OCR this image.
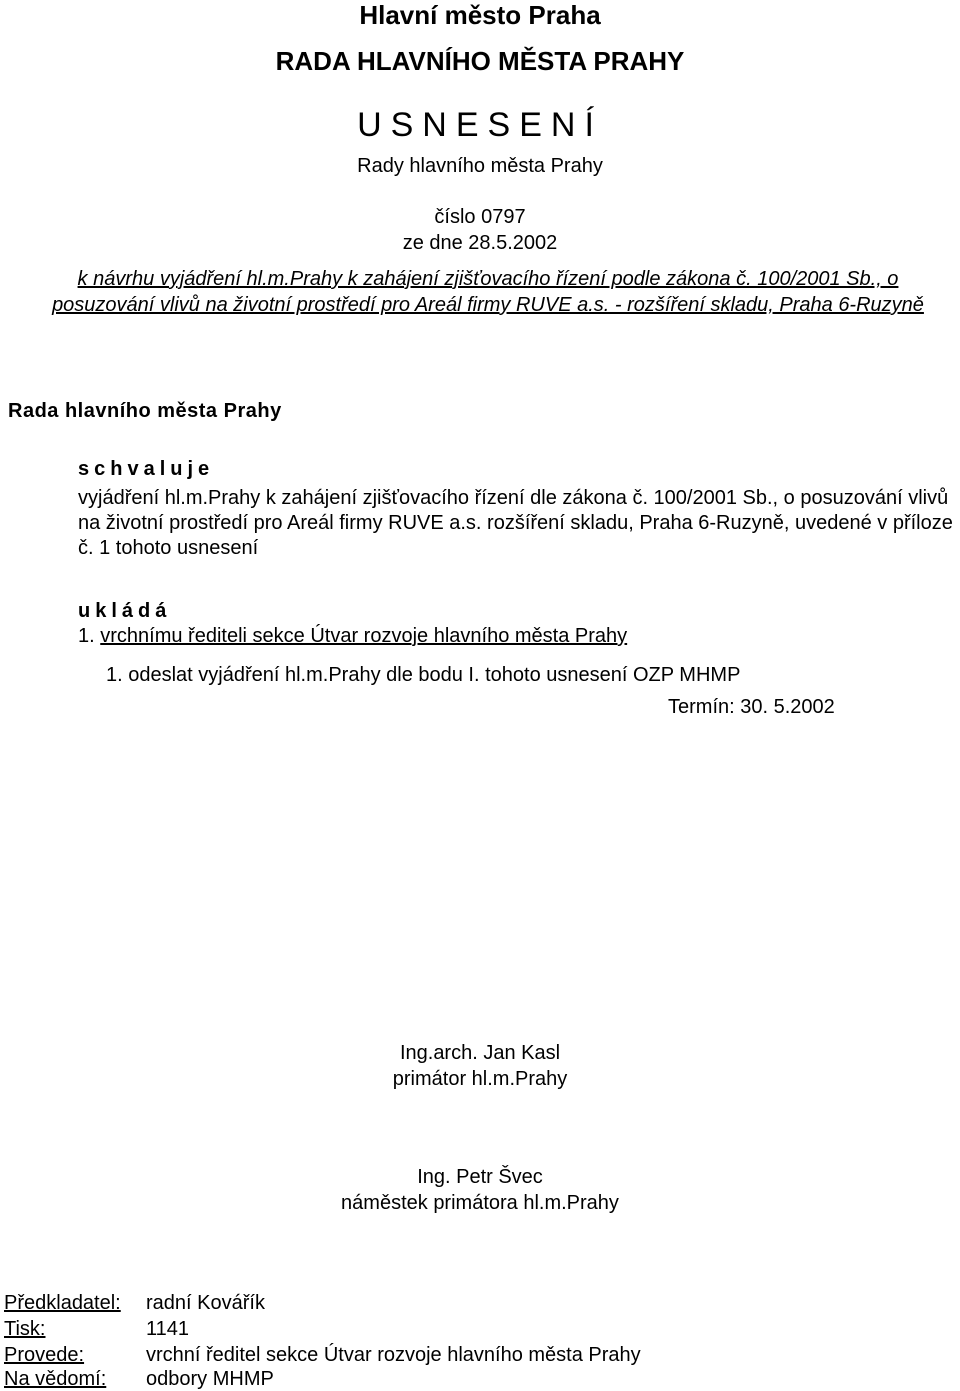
Hlavní město Praha
RADA HLAVNÍHO MĚSTA PRAHY
USNESENÍ
Rady hlavního města Prahy
číslo 0797
ze dne 28.5.2002
k návrhu vyjádření hl.m.Prahy k zahájení zjišťovacího řízení podle zákona č. 100/2001 Sb., o posuzování vlivů na životní prostředí pro Areál firmy RUVE a.s. - rozšíření skladu, Praha 6-Ruzyně
Rada hlavního města Prahy
schvaluje
vyjádření hl.m.Prahy k zahájení zjišťovacího řízení dle zákona č. 100/2001 Sb., o posuzování vlivů na životní prostředí pro Areál firmy RUVE a.s. rozšíření skladu, Praha 6-Ruzyně, uvedené v příloze č. 1 tohoto usnesení
ukládá
1. vrchnímu řediteli sekce Útvar rozvoje hlavního města Prahy
1. odeslat vyjádření hl.m.Prahy dle bodu I. tohoto usnesení OZP MHMP
Termín: 30. 5.2002
Ing.arch. Jan Kasl
primátor hl.m.Prahy
Ing. Petr Švec
náměstek primátora hl.m.Prahy
Předkladatel: radní Kovářík
Tisk:	1141
Provede:	vrchní ředitel sekce Útvar rozvoje hlavního města Prahy
Na vědomí: odbory MHMP
